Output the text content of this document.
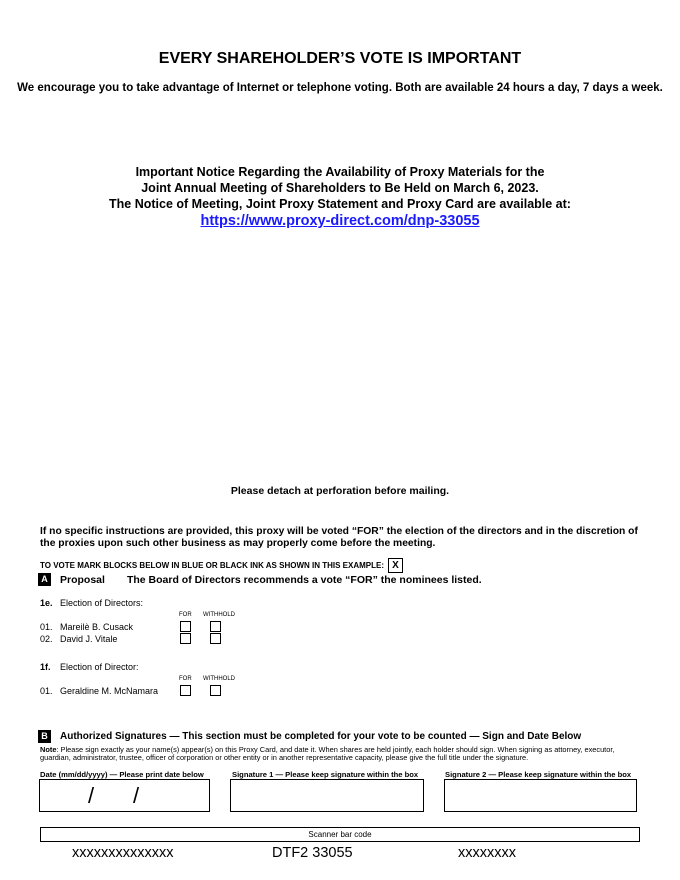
EVERY SHAREHOLDER’S VOTE IS IMPORTANT
We encourage you to take advantage of Internet or telephone voting. Both are available 24 hours a day, 7 days a week.
Important Notice Regarding the Availability of Proxy Materials for the
Joint Annual Meeting of Shareholders to Be Held on March 6, 2023.
The Notice of Meeting, Joint Proxy Statement and Proxy Card are available at:
https://www.proxy-direct.com/dnp-33055
Please detach at perforation before mailing.
If no specific instructions are provided, this proxy will be voted “FOR” the election of the directors and in the discretion of the proxies upon such other business as may properly come before the meeting.
TO VOTE MARK BLOCKS BELOW IN BLUE OR BLACK INK AS SHOWN IN THIS EXAMPLE: X
A	Proposal The Board of Directors recommends a vote “FOR” the nominees listed.
1e. Election of Directors:
FOR WITHHOLD
01. Mareilè B. Cusack
02. David J. Vitale
1f. Election of Director:
FOR WITHHOLD
01. Geraldine M. McNamara
B	Authorized Signatures — This section must be completed for your vote to be counted — Sign and Date Below
Note: Please sign exactly as your name(s) appear(s) on this Proxy Card, and date it. When shares are held jointly, each holder should sign. When signing as attorney, executor, guardian, administrator, trustee, officer of corporation or other entity or in another representative capacity, please give the full title under the signature.
Date (mm/dd/yyyy) — Please print date below	Signature 1 — Please keep signature within the box	Signature 2 — Please keep signature within the box
/ /
Scanner bar code
xxxxxxxxxxxxxx	DTF2 33055	xxxxxxxx
